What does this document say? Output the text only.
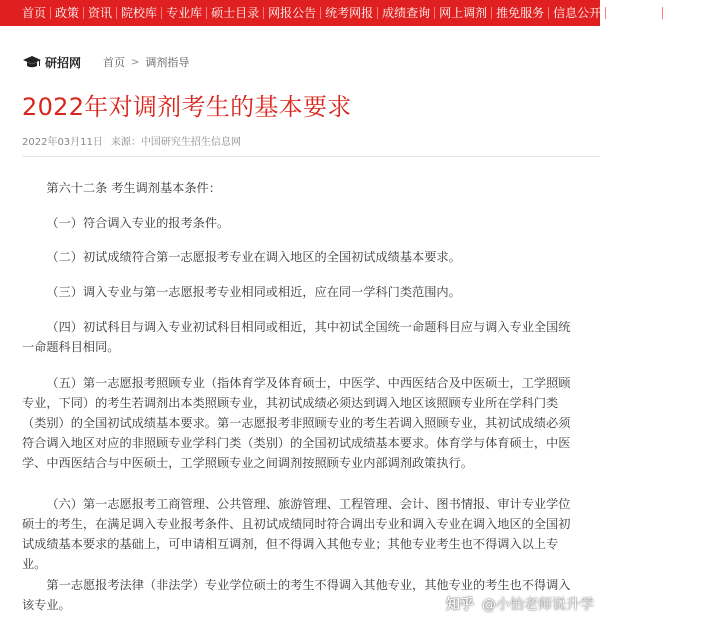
首页 政策 资讯 院校库 专业库 硕士目录 网报公告 统考网报 成绩查询 网上调剂 推免服务 信息公开 在线咨询 专业学
研招网 首页 > 调剂指导
2022年对调剂考生的基本要求
2022年03月11日 来源：中国研究生招生信息网

第六十二条 考生调剂基本条件：

（一）符合调入专业的报考条件。

（二）初试成绩符合第一志愿报考专业在调入地区的全国初试成绩基本要求。

（三）调入专业与第一志愿报考专业相同或相近，应在同一学科门类范围内。

（四）初试科目与调入专业初试科目相同或相近，其中初试全国统一命题科目应与调入专业全国统一命题科目相同。

（五）第一志愿报考照顾专业（指体育学及体育硕士，中医学、中西医结合及中医硕士，工学照顾专业，下同）的考生若调剂出本类照顾专业，其初试成绩必须达到调入地区该照顾专业所在学科门类（类别）的全国初试成绩基本要求。第一志愿报考非照顾专业的考生若调入照顾专业，其初试成绩必须符合调入地区对应的非照顾专业学科门类（类别）的全国初试成绩基本要求。体育学与体育硕士，中医学、中西医结合与中医硕士，工学照顾专业之间调剂按照顾专业内部调剂政策执行。

（六）第一志愿报考工商管理、公共管理、旅游管理、工程管理、会计、图书情报、审计专业学位硕士的考生，在满足调入专业报考条件、且初试成绩同时符合调出专业和调入专业在调入地区的全国初试成绩基本要求的基础上，可申请相互调剂，但不得调入其他专业；其他专业考生也不得调入以上专业。

第一志愿报考法律（非法学）专业学位硕士的考生不得调入其他专业，其他专业的考生也不得调入该专业。	知乎 @小怡老师说升学
